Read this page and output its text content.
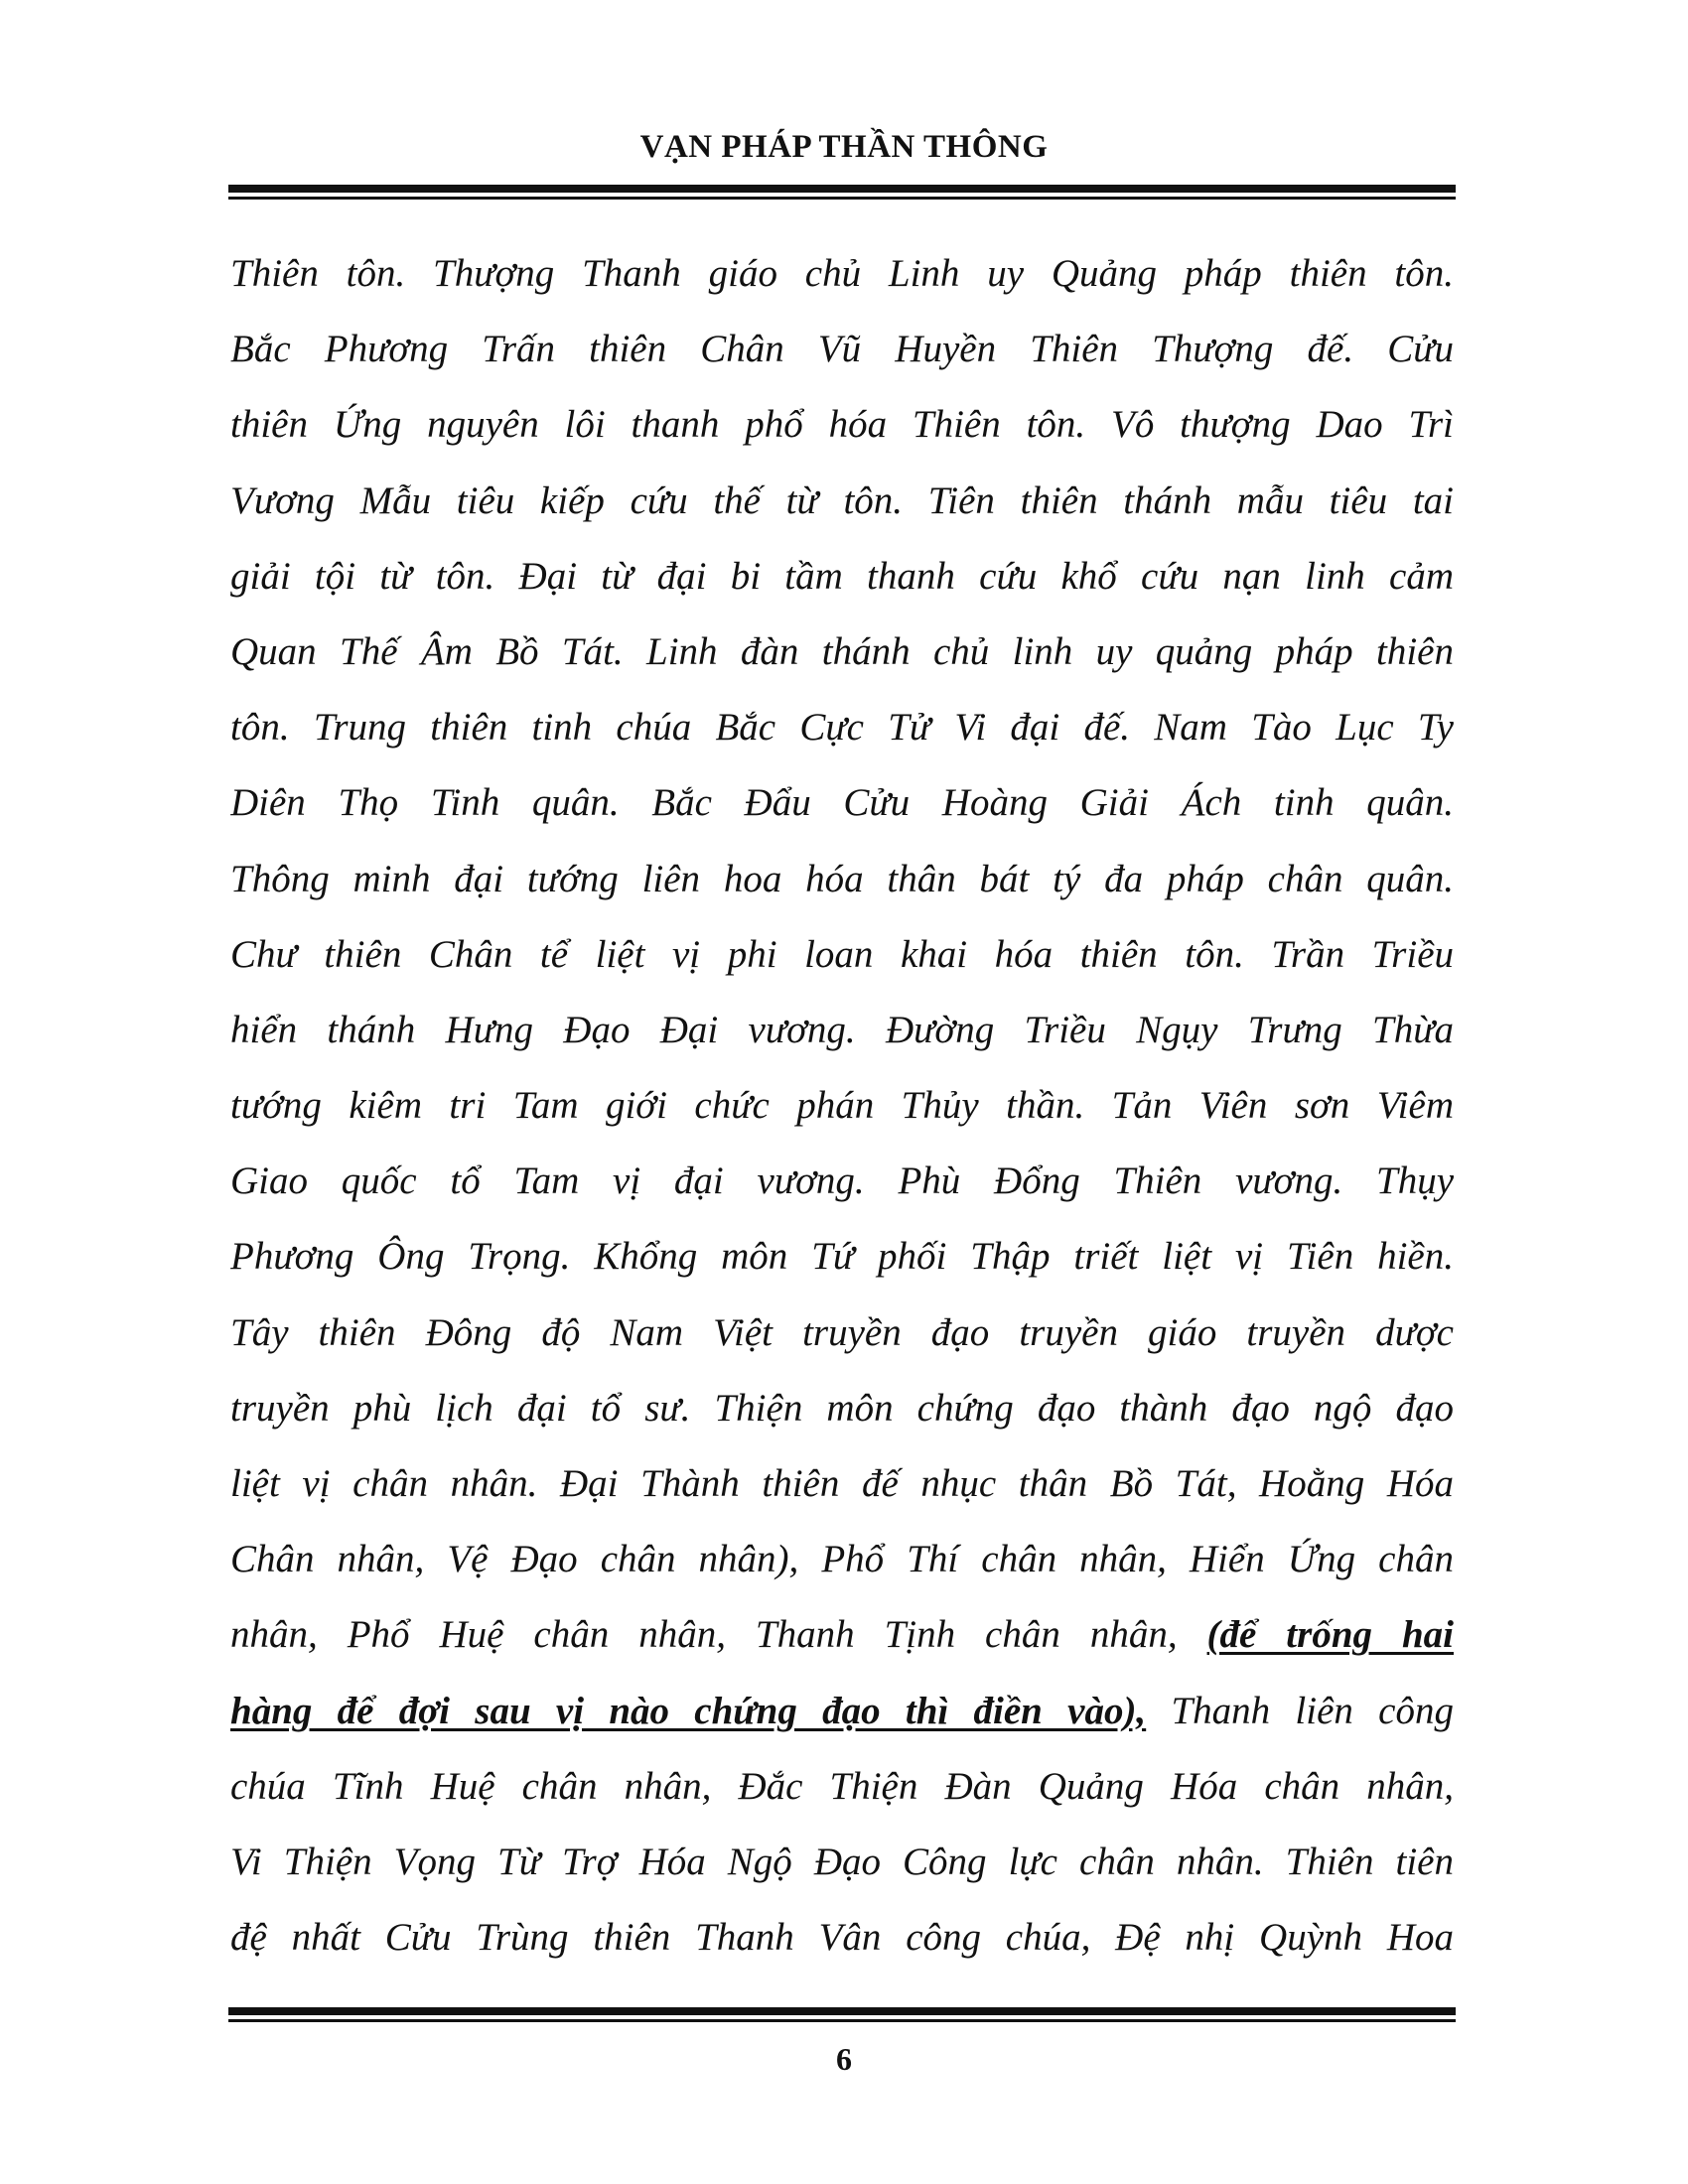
VẠN PHÁP THẦN THÔNG
Thiên tôn. Thượng Thanh giáo chủ Linh uy Quảng pháp thiên tôn.
Bắc Phương Trấn thiên Chân Vũ Huyền Thiên Thượng đế. Cửu
thiên Ứng nguyên lôi thanh phổ hóa Thiên tôn. Vô thượng Dao Trì
Vương Mẫu tiêu kiếp cứu thế từ tôn. Tiên thiên thánh mẫu tiêu tai
giải tội từ tôn. Đại từ đại bi tầm thanh cứu khổ cứu nạn linh cảm
Quan Thế Âm Bồ Tát. Linh đàn thánh chủ linh uy quảng pháp thiên
tôn. Trung thiên tinh chúa Bắc Cực Tử Vi đại đế. Nam Tào Lục Ty
Diên Thọ Tinh quân. Bắc Đẩu Cửu Hoàng Giải Ách tinh quân.
Thông minh đại tướng liên hoa hóa thân bát tý đa pháp chân quân.
Chư thiên Chân tể liệt vị phi loan khai hóa thiên tôn. Trần Triều
hiển thánh Hưng Đạo Đại vương. Đường Triều Ngụy Trưng Thừa
tướng kiêm tri Tam giới chức phán Thủy thần. Tản Viên sơn Viêm
Giao quốc tổ Tam vị đại vương. Phù Đổng Thiên vương. Thụy
Phương Ông Trọng. Khổng môn Tứ phối Thập triết liệt vị Tiên hiền.
Tây thiên Đông độ Nam Việt truyền đạo truyền giáo truyền dược
truyền phù lịch đại tổ sư. Thiện môn chứng đạo thành đạo ngộ đạo
liệt vị chân nhân. Đại Thành thiên đế nhục thân Bồ Tát, Hoằng Hóa
Chân nhân, Vệ Đạo chân nhân), Phổ Thí chân nhân, Hiển Ứng chân
nhân, Phổ Huệ chân nhân, Thanh Tịnh chân nhân, (để trống hai
hàng để đợi sau vị nào chứng đạo thì điền vào), Thanh liên công
chúa Tĩnh Huệ chân nhân, Đắc Thiện Đàn Quảng Hóa chân nhân,
Vi Thiện Vọng Từ Trợ Hóa Ngộ Đạo Công lực chân nhân. Thiên tiên
đệ nhất Cửu Trùng thiên Thanh Vân công chúa, Đệ nhị Quỳnh Hoa
6
